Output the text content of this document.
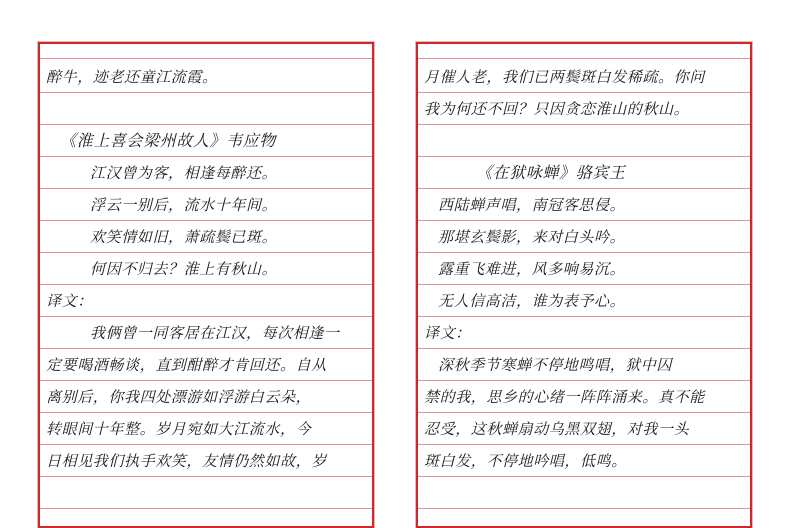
醉牛，迹老还童江流霞。
《淮上喜会梁州故人》韦应物
江汉曾为客，相逢每醉还。
浮云一别后，流水十年间。
欢笑情如旧，萧疏鬓已斑。
何因不归去？淮上有秋山。
译文：
我俩曾一同客居在江汉，每次相逢一
定要喝酒畅谈，直到酣醉才肯回还。自从
离别后，你我四处漂游如浮游白云朵，
转眼间十年整。岁月宛如大江流水，今
日相见我们执手欢笑，友情仍然如故，岁
月催人老，我们已两鬓斑白发稀疏。你问
我为何还不回？只因贪恋淮山的秋山。
《在狱咏蝉》骆宾王
西陆蝉声唱，南冠客思侵。
那堪玄鬓影，来对白头吟。
露重飞难进，风多响易沉。
无人信高洁，谁为表予心。
译文：
深秋季节寒蝉不停地鸣唱，狱中囚
禁的我，思乡的心绪一阵阵涌来。真不能
忍受，这秋蝉扇动乌黑双翅，对我一头
斑白发，不停地吟唱，低鸣。
